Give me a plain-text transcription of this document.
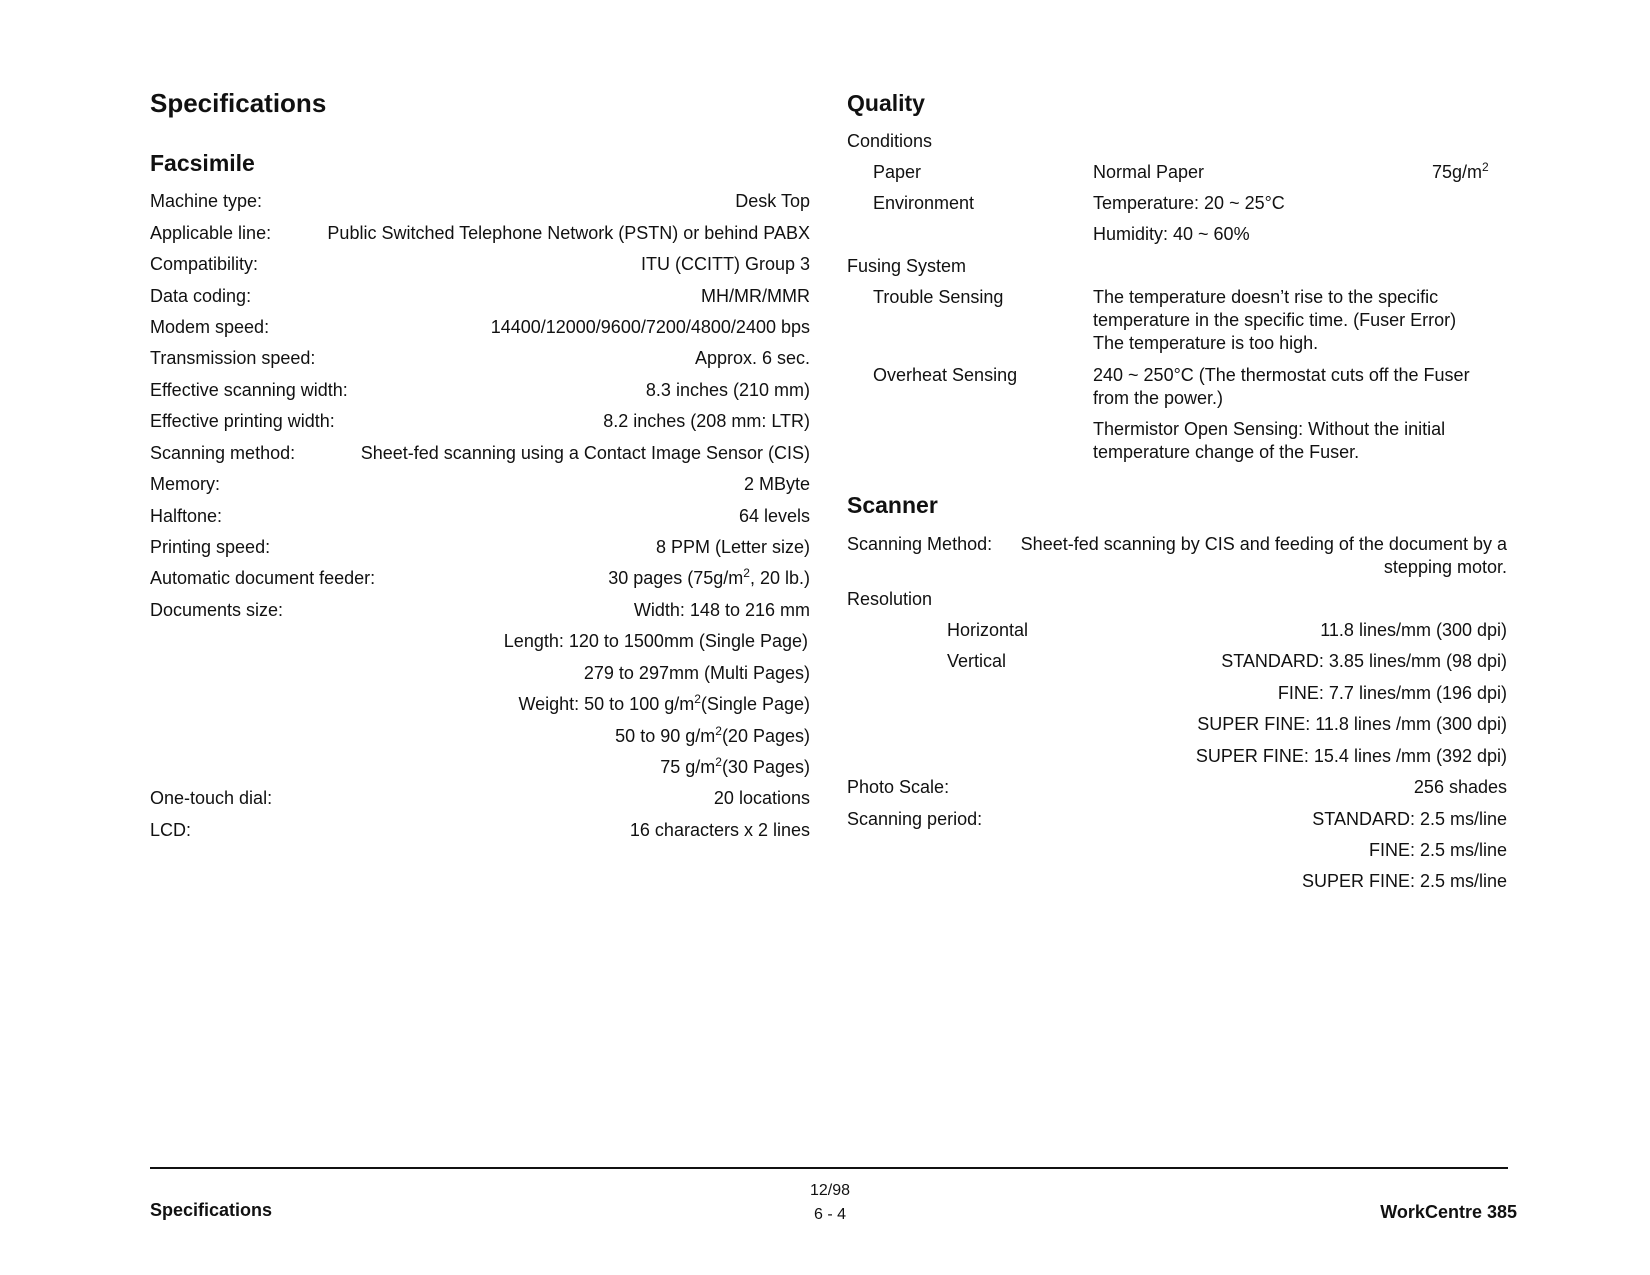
Specifications
Facsimile
Machine type:	Desk Top
Applicable line:	Public Switched Telephone Network (PSTN) or behind PABX
Compatibility:	ITU (CCITT) Group 3
Data coding:	MH/MR/MMR
Modem speed:	14400/12000/9600/7200/4800/2400 bps
Transmission speed:	Approx. 6 sec.
Effective scanning width:	8.3 inches (210 mm)
Effective printing width:	8.2 inches (208 mm: LTR)
Scanning method:	Sheet-fed scanning using a Contact Image Sensor (CIS)
Memory:	2 MByte
Halftone:	64 levels
Printing speed:	8 PPM (Letter size)
Automatic document feeder:	30 pages ($75g/m^2$, 20 lb.)
Documents size:	Width: 148 to 216 mm
Length: 120 to 1500mm (Single Page)
279 to 297mm (Multi Pages)
Weight: 50 to 100 $g/m^2(Single$ Page)
50 to 90 $g/m^2(20$ Pages)
75 $g/m^2(30$ Pages)
One-touch dial:	20 locations
LCD:	16 characters x 2 lines
Quality
Conditions
Paper	Normal Paper	$75g/m^2$
Environment	Temperature: 20 ~ 25°C
Humidity: 40 ~ 60%
Fusing System
Trouble Sensing	The temperature doesn’t rise to the specific temperature in the specific time. (Fuser Error) The temperature is too high.
Overheat Sensing	240 ~ 250°C (The thermostat cuts off the Fuser from the power.)
Thermistor Open Sensing: Without the initial temperature change of the Fuser.
Scanner
Scanning Method:	Sheet-fed scanning by CIS and feeding of the document by a stepping motor.
Resolution
Horizontal	11.8 lines/mm (300 dpi)
Vertical	STANDARD: 3.85 lines/mm (98 dpi)
FINE: 7.7 lines/mm (196 dpi)
SUPER FINE: 11.8 lines /mm (300 dpi)
SUPER FINE: 15.4 lines /mm (392 dpi)
Photo Scale:	256 shades
Scanning period:	STANDARD: 2.5 ms/line
FINE: 2.5 ms/line
SUPER FINE: 2.5 ms/line
Specifications
12/98
6 - 4	WorkCentre 385
